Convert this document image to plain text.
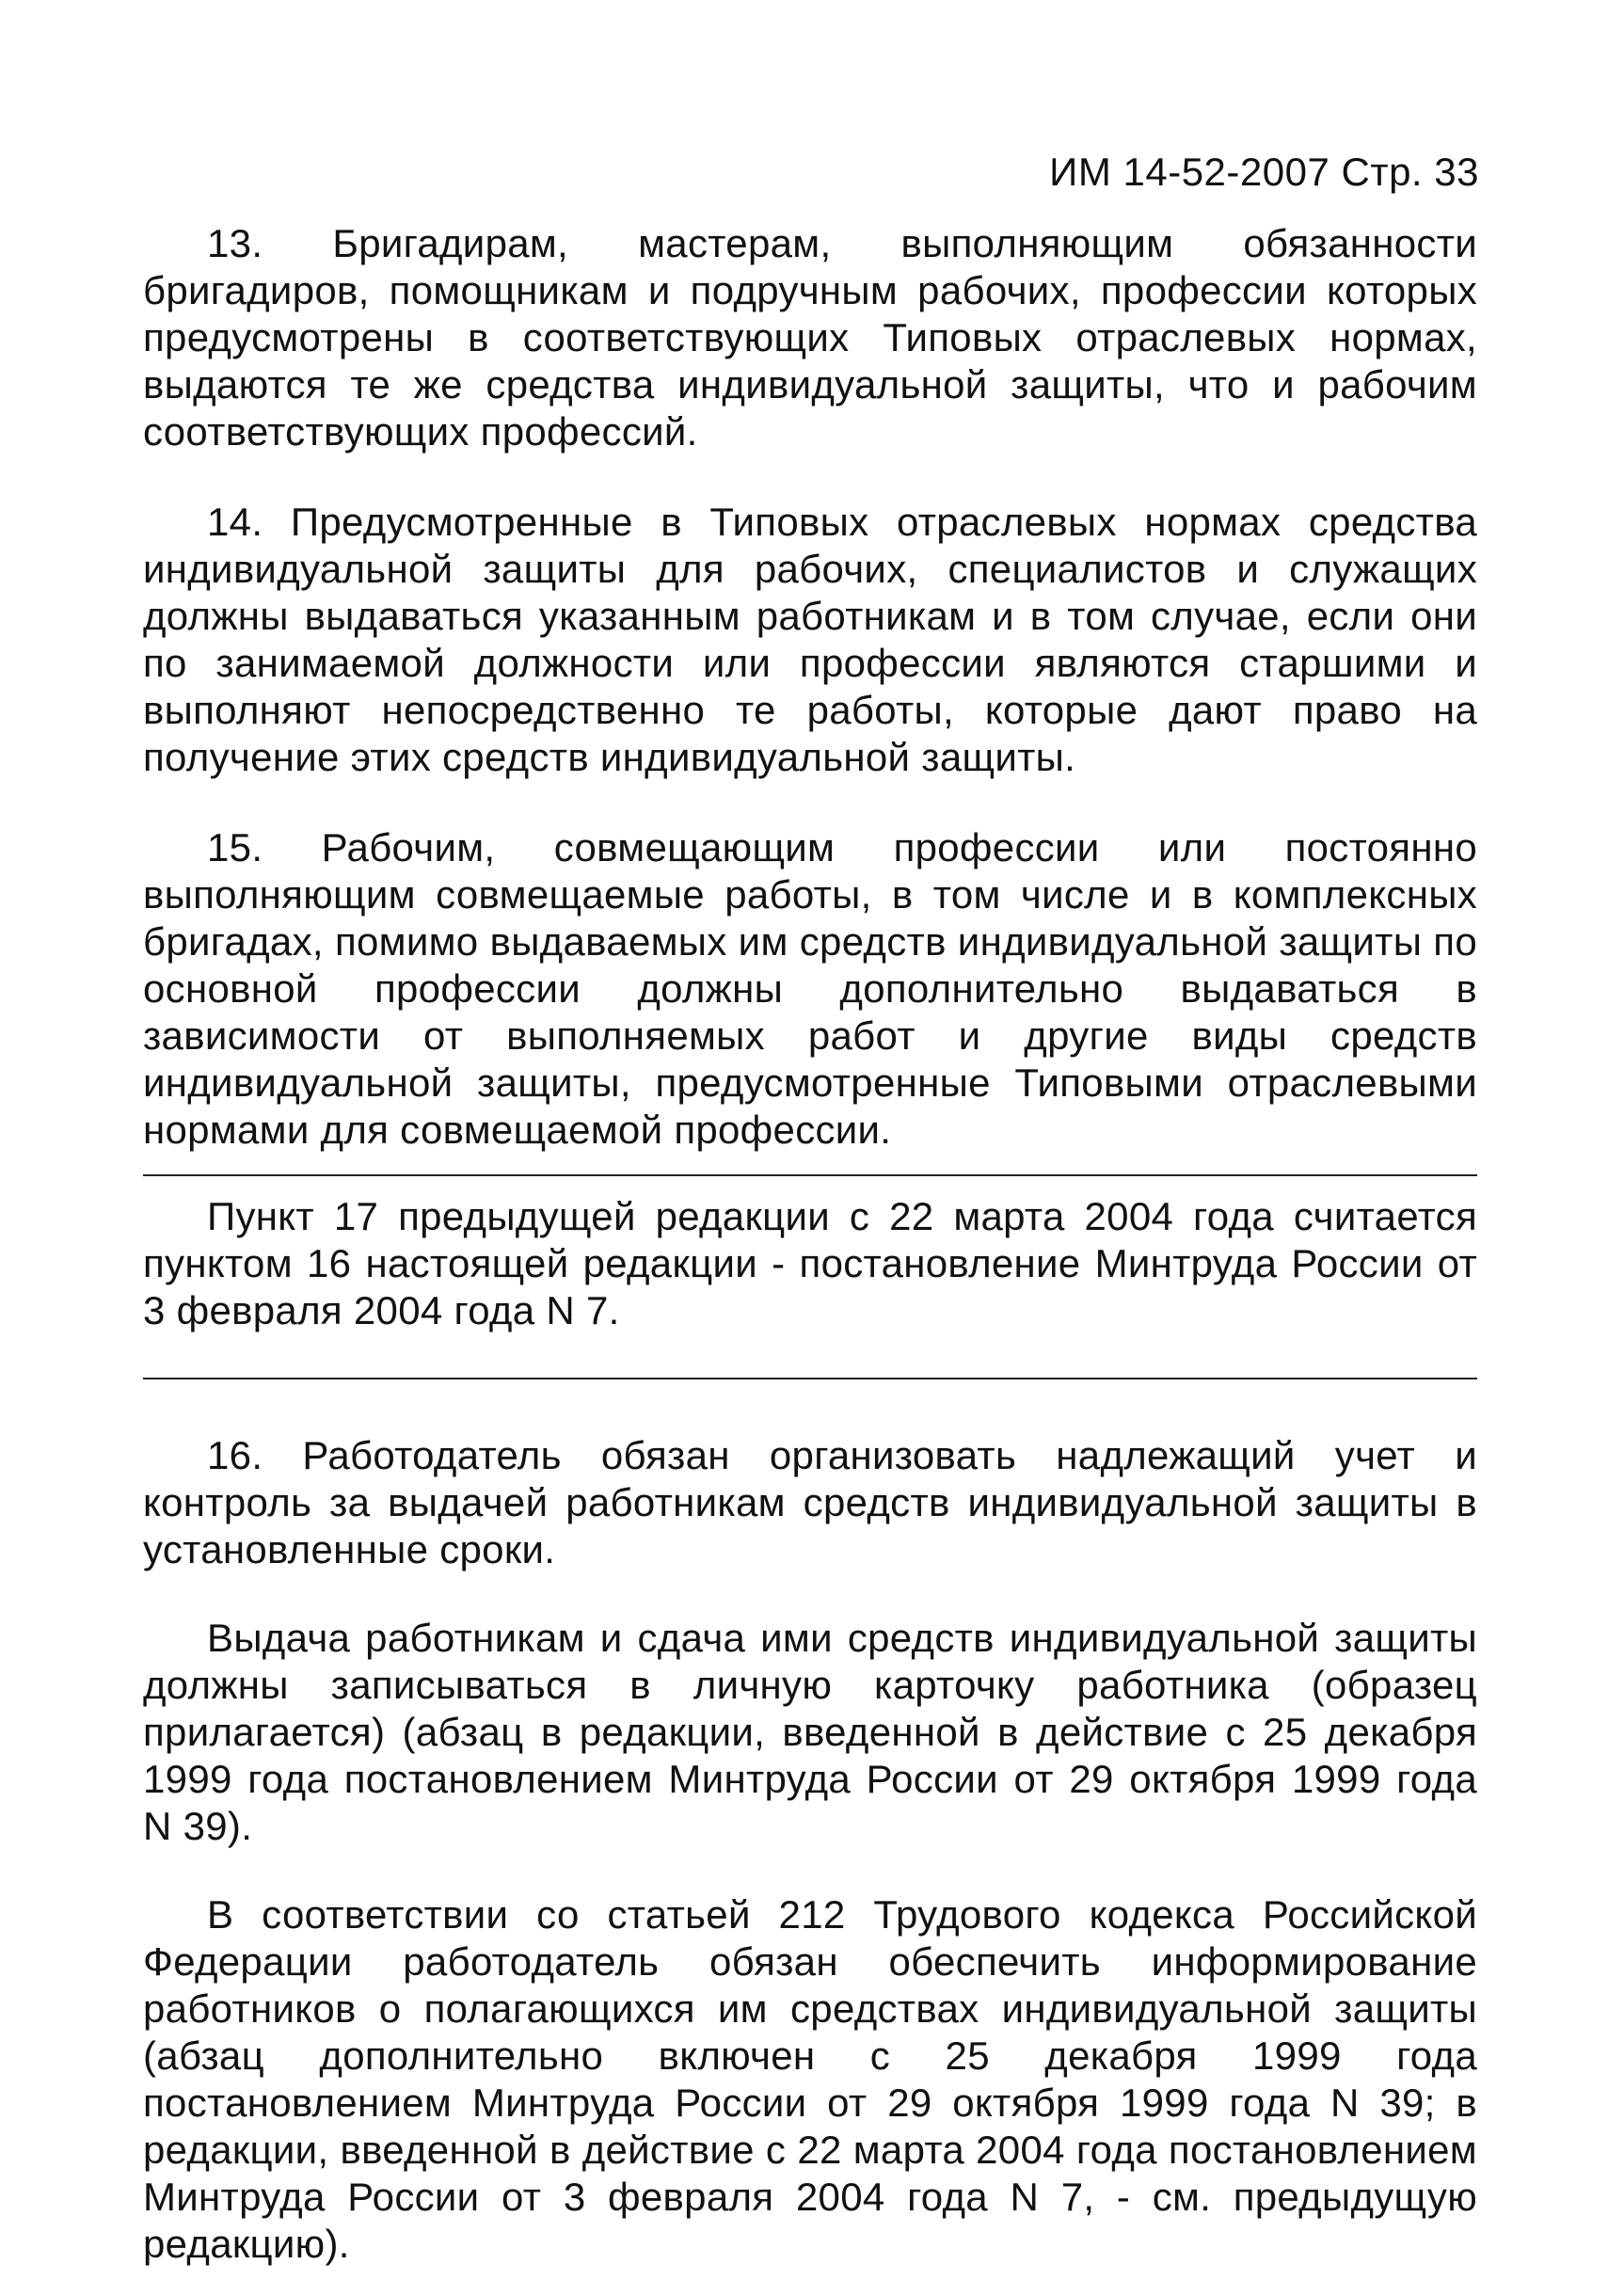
ИМ 14-52-2007 Стр. 33

13. Бригадирам, мастерам, выполняющим обязанности бригадиров, помощникам и подручным рабочих, профессии которых предусмотрены в соответствующих Типовых отраслевых нормах, выдаются те же средства индивидуальной защиты, что и рабочим соответствующих профессий.

14. Предусмотренные в Типовых отраслевых нормах средства индивидуальной защиты для рабочих, специалистов и служащих должны выдаваться указанным работникам и в том случае, если они по занимаемой должности или профессии являются старшими и выполняют непосредственно те работы, которые дают право на получение этих средств индивидуальной защиты.

15. Рабочим, совмещающим профессии или постоянно выполняющим совмещаемые работы, в том числе и в комплексных бригадах, помимо выдаваемых им средств индивидуальной защиты по основной профессии должны дополнительно выдаваться в зависимости от выполняемых работ и другие виды средств индивидуальной защиты, предусмотренные Типовыми отраслевыми нормами для совмещаемой профессии.

Пункт 17 предыдущей редакции с 22 марта 2004 года считается пунктом 16 настоящей редакции - постановление Минтруда России от 3 февраля 2004 года N 7.

16. Работодатель обязан организовать надлежащий учет и контроль за выдачей работникам средств индивидуальной защиты в установленные сроки.

Выдача работникам и сдача ими средств индивидуальной защиты должны записываться в личную карточку работника (образец прилагается) (абзац в редакции, введенной в действие с 25 декабря 1999 года постановлением Минтруда России от 29 октября 1999 года N 39).

В соответствии со статьей 212 Трудового кодекса Российской Федерации работодатель обязан обеспечить информирование работников о полагающихся им средствах индивидуальной защиты (абзац дополнительно включен с 25 декабря 1999 года постановлением Минтруда России от 29 октября 1999 года N 39; в редакции, введенной в действие с 22 марта 2004 года постановлением Минтруда России от 3 февраля 2004 года N 7, - см. предыдущую редакцию).
